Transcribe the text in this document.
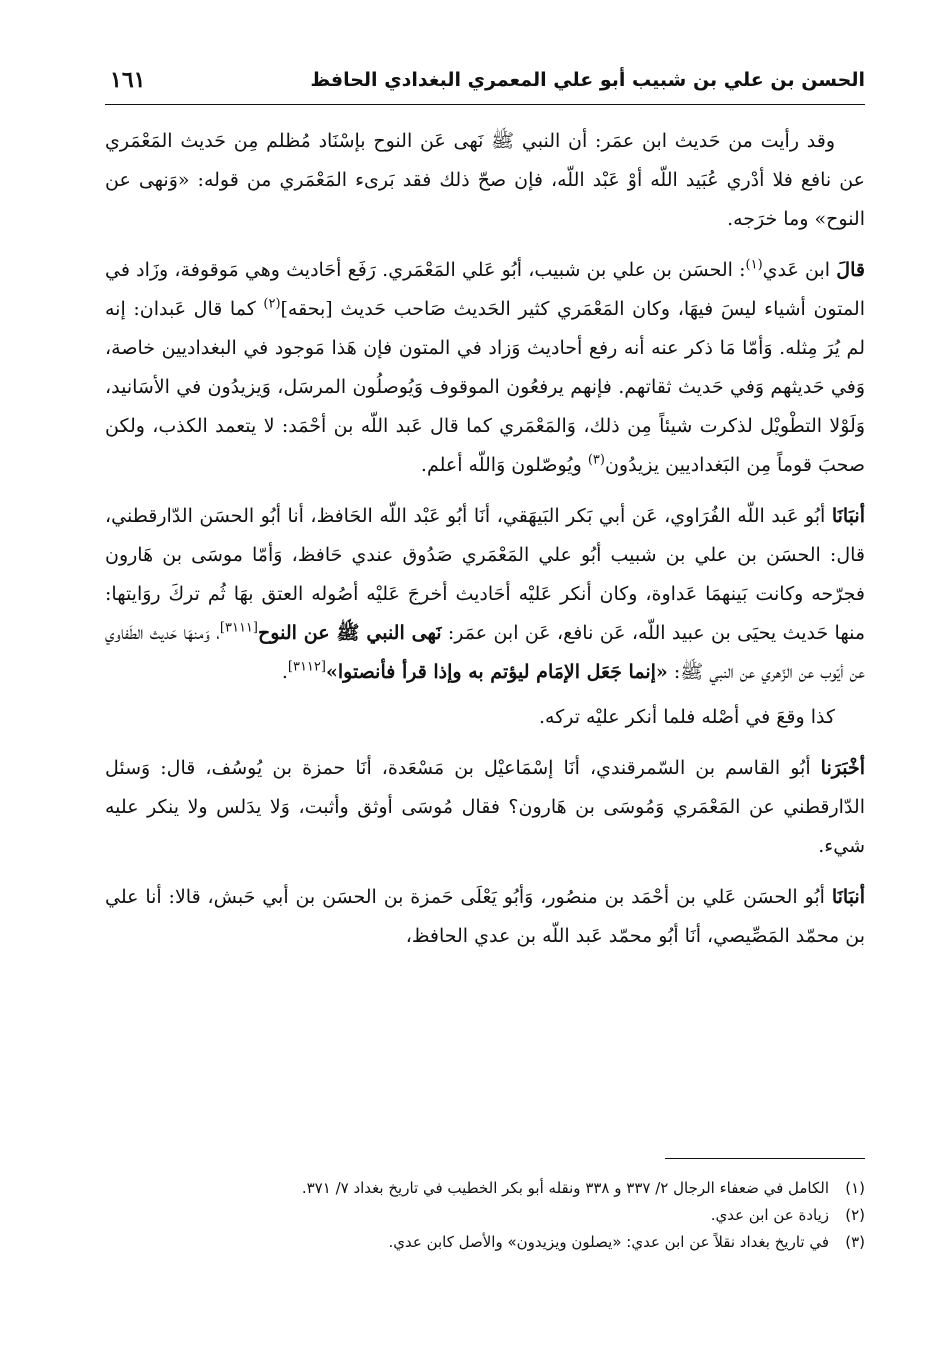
الحسن بن علي بن شبيب أبو علي المعمري البغدادي الحافظ
١٦١

وقد رأيت من حَديث ابن عمَر: أن النبي ﷺ نَهى عَن النوح بإسْنَاد مُظلم مِن حَديث المَعْمَري عن نافع فلا أدْري عُبَيد اللّه أوْ عَبْد اللّه، فإن صحّ ذلك فقد بَرىء المَعْمَري من قوله: «وَنهى عن النوح» وما خرَجه.

قالَ ابن عَدي$^{(١)}$: الحسَن بن علي بن شبيب، أبُو عَلي المَعْمَري. رَفَع أحَاديث وهي مَوقوفة، وزَاد في المتون أشياء ليسَ فيهَا، وكان المَعْمَري كثير الحَديث صَاحب حَديث [بحقه]$^{(٢)}$ كما قال عَبدان: إنه لم يُرَ مِثله. وَأمّا مَا ذكر عنه أنه رفع أحاديث وَزاد في المتون فإن هَذا مَوجود في البغداديين خاصة، وَفي حَديثهم وَفي حَديث ثقاتهم. فإنهم يرفعُون الموقوف وَيُوصلُون المرسَل، وَيزيدُون في الأسَانيد، وَلَوْلا التطْويْل لذكرت شيئاً مِن ذلك، وَالمَعْمَري كما قال عَبد اللّه بن أحْمَد: لا يتعمد الكذب، ولكن صحبَ قوماً مِن البَغداديين يزيدُون$^{(٣)}$ ويُوصّلون وَاللّه أعلم.

أنبَانَا أبُو عَبد اللّه الفُرَاوي، عَن أبي بَكر البَيهَقي، أنَا أبُو عَبْد اللّه الحَافظ، أنا أبُو الحسَن الدّارقطني، قال: الحسَن بن علي بن شبيب أبُو علي المَعْمَري صَدُوق عندي حَافظ، وَأمّا موسَى بن هَارون فجرّحه وكانت بَينهمَا عَداوة، وكان أنكر عَليْه أحَاديث أخرجَ عَليْه أصُوله العتق بهَا ثُم تركَ روَايتها: منها حَديث يحيَى بن عبيد اللّه، عَن نافع، عَن ابن عمَر: نَهى النبي ﷺ عن النوح[٣١١١]، وَمنهَا حَديث الطَفاوي عن أيّوب عن الزّهري عن النبي ﷺ: «إنما جَعَل الإمَام ليؤتم به وإذا قرأ فأنصتوا»[٣١١٢].

كذا وقعَ في أصْله فلما أنكر عليْه تركه.

أخْبَرَنا أبُو القاسم بن السّمرقندي، أنَا إسْمَاعيْل بن مَسْعَدة، أنَا حمزة بن يُوسُف، قال: وَسئل الدّارقطني عن المَعْمَري وَمُوسَى بن هَارون؟ فقال مُوسَى أوثق وأثبت، وَلا يدَلس ولا ينكر عليه شيء.

أنبَانَا أبُو الحسَن عَلي بن أحْمَد بن منصُور، وَأبُو يَعْلَى حَمزة بن الحسَن بن أبي حَبش، قالا: أنا علي بن محمّد المَصِّيصي، أنَا أبُو محمّد عَبد اللّه بن عدي الحافظ،

(١)
الكامل في ضعفاء الرجال ٢/ ٣٣٧ و ٣٣٨ ونقله أبو بكر الخطيب في تاريخ بغداد ٧/ ٣٧١.
(٢)
زيادة عن ابن عدي.
(٣)
في تاريخ بغداد نقلاً عن ابن عدي: «يصلون ويزيدون» والأصل كابن عدي.
